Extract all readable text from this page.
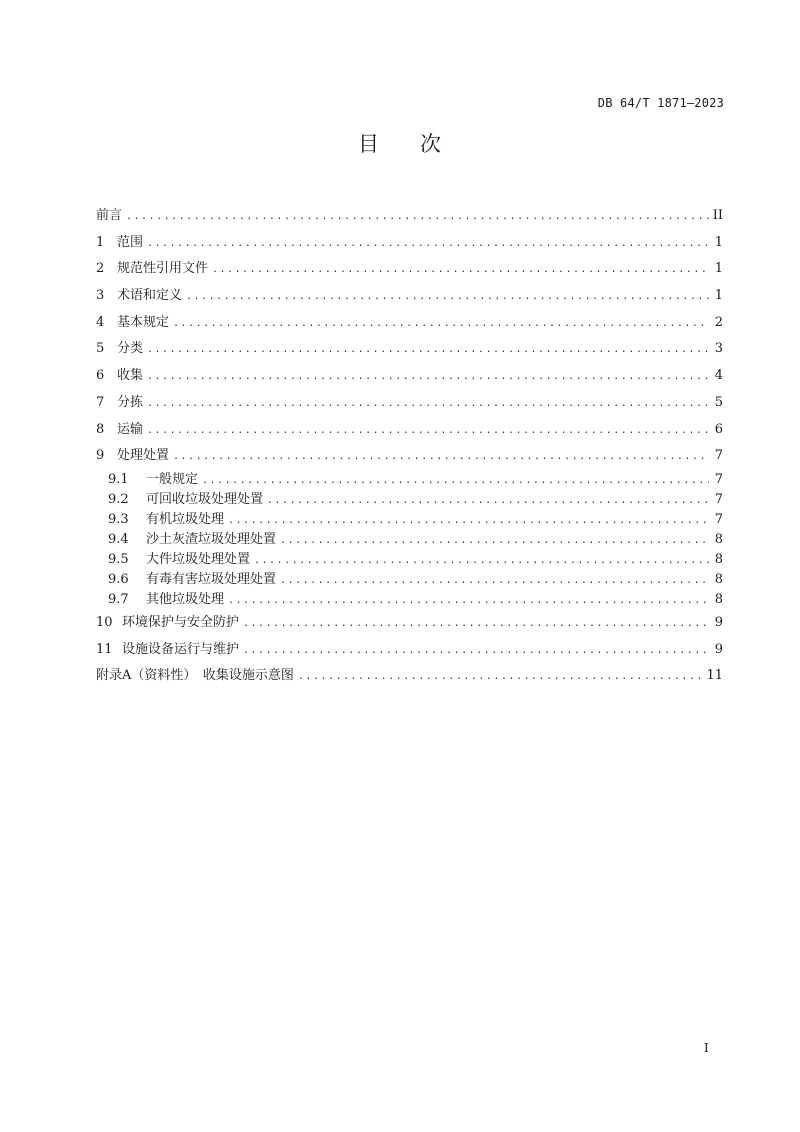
DB 64/T 1871—2023
目 次
前言 .....	II
1 范围 .....	1
2 规范性引用文件 .....	1
3 术语和定义 .....	1
4 基本规定 .....	2
5 分类 .....	3
6 收集 .....	4
7 分拣 .....	5
8 运输 .....	6
9 处理处置 .....	7
9.1	一般规定 .....	7
9.2	可回收垃圾处理处置 .....	7
9.3	有机垃圾处理 .....	7
9.4	沙土灰渣垃圾处理处置 .....	8
9.5	大件垃圾处理处置 .....	8
9.6	有毒有害垃圾处理处置 .....	8
9.7	其他垃圾处理 .....	8
10 环境保护与安全防护 .....	9
11 设施设备运行与维护 .....	9
附录A（资料性）　收集设施示意图 .....	11
I
